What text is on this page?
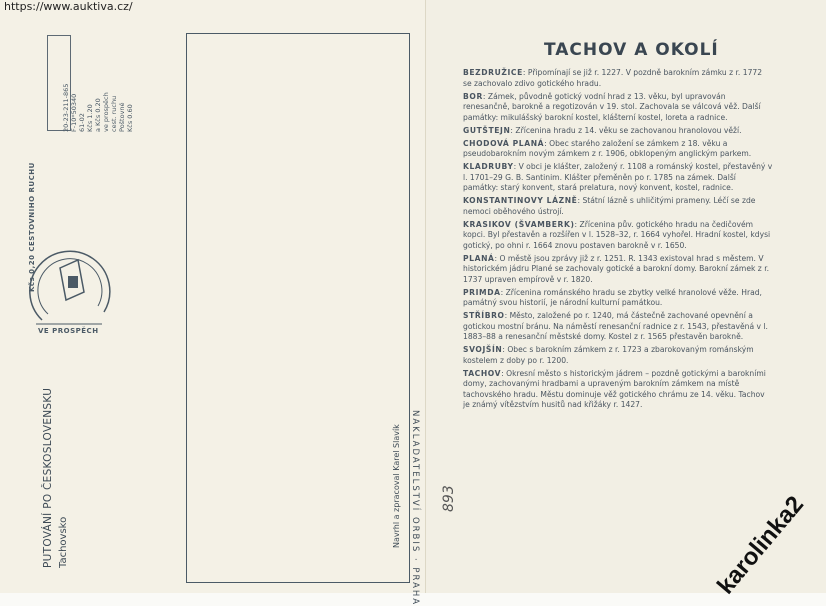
https://www.auktiva.cz/
20-23-211-865 F-10*50340 61-02 Kčs 1.20 a Kčs 0.20 ve prospěch cest. ruchu Poštovné Kčs 0.60
Kčs 0,20 CESTOVNIHO RUCHU
VE PROSPĚCH
NAKLADATELSTVÍ ORBIS · PRAHA
Navrhl a zpracoval Karel Slavík
PUTOVÁNÍ PO ČESKOSLOVENSKU Tachovsko
TACHOV A OKOLÍ
BEZDRUŽICE: Připomínají se již r. 1227. V pozdně barokním zámku z r. 1772 se zachovalo zdivo gotického hradu.
BOR: Zámek, původně gotický vodní hrad z 13. věku, byl upravován renesančně, barokně a regotizován v 19. stol. Zachovala se válcová věž. Další památky: mikulášský barokní kostel, klášterní kostel, loreta a radnice.
GUTŠTEJN: Zřícenina hradu z 14. věku se zachovanou hranolovou věží.
CHODOVÁ PLANÁ: Obec starého založení se zámkem z 18. věku a pseudobarokním novým zámkem z r. 1906, obklopeným anglickým parkem.
KLADRUBY: V obci je klášter, založený r. 1108 a románský kostel, přestavěný v l. 1701–29 G. B. Santinim. Klášter přeměněn po r. 1785 na zámek. Další památky: starý konvent, stará prelatura, nový konvent, kostel, radnice.
KONSTANTINOVY LÁZNĚ: Státní lázně s uhličitými prameny. Léčí se zde nemoci oběhového ústrojí.
KRASIKOV (ŠVAMBERK): Zřícenina pův. gotického hradu na čedičovém kopci. Byl přestavěn a rozšířen v l. 1528–32, r. 1664 vyhořel. Hradní kostel, kdysi gotický, po ohni r. 1664 znovu postaven barokně v r. 1650.
PLANÁ: O městě jsou zprávy již z r. 1251. R. 1343 existoval hrad s městem. V historickém jádru Plané se zachovaly gotické a barokní domy. Barokní zámek z r. 1737 upraven empírově v r. 1820.
PRIMDA: Zřícenina románského hradu se zbytky velké hranolové věže. Hrad, památný svou historií, je národní kulturní památkou.
STŘÍBRO: Město, založené po r. 1240, má částečně zachované opevnění a gotickou mostní bránu. Na náměstí renesanční radnice z r. 1543, přestavěná v l. 1883–88 a renesanční městské domy. Kostel z r. 1565 přestavěn barokně.
SVOJŠÍN: Obec s barokním zámkem z r. 1723 a zbarokovaným románským kostelem z doby po r. 1200.
TACHOV: Okresní město s historickým jádrem – pozdně gotickými a barokními domy, zachovanými hradbami a upraveným barokním zámkem na místě tachovského hradu. Městu dominuje věž gotického chrámu ze 14. věku. Tachov je známý vítězstvím husitů nad křižáky r. 1427.
893	karolinka2
